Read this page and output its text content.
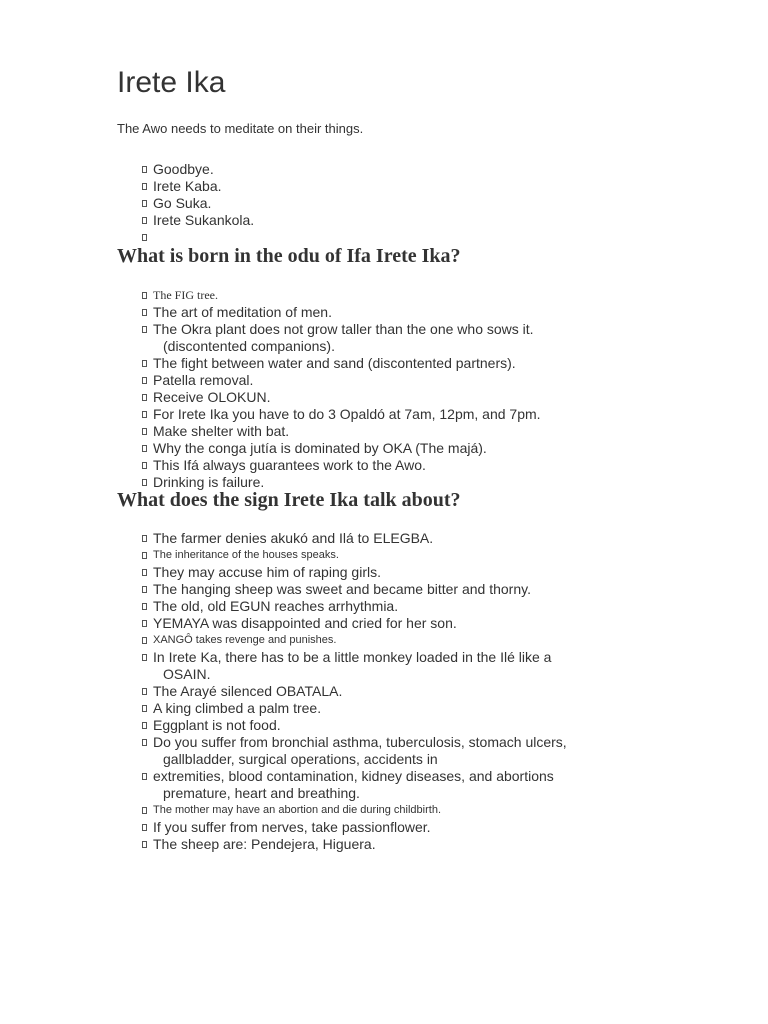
Irete Ika

The Awo needs to meditate on their things.

Goodbye.
Irete Kaba.
Go Suka.
Irete Sukankola.
What is born in the odu of Ifa Irete Ika?
The FIG tree.
The art of meditation of men.
The Okra plant does not grow taller than the one who sows it.
(discontented companions).
The fight between water and sand (discontented partners).
Patella removal.
Receive OLOKUN.
For Irete Ika you have to do 3 Opaldó at 7am, 12pm, and 7pm.
Make shelter with bat.
Why the conga jutía is dominated by OKA (The majá).
This Ifá always guarantees work to the Awo.
Drinking is failure.
What does the sign Irete Ika talk about?
The farmer denies akukó and Ilá to ELEGBA.
The inheritance of the houses speaks.
They may accuse him of raping girls.
The hanging sheep was sweet and became bitter and thorny.
The old, old EGUN reaches arrhythmia.
YEMAYA was disappointed and cried for her son.
XANGÔ takes revenge and punishes.
In Irete Ka, there has to be a little monkey loaded in the Ilé like a
OSAIN.
The Arayé silenced OBATALA.
A king climbed a palm tree.
Eggplant is not food.
Do you suffer from bronchial asthma, tuberculosis, stomach ulcers,
gallbladder, surgical operations, accidents in
extremities, blood contamination, kidney diseases, and abortions
premature, heart and breathing.
The mother may have an abortion and die during childbirth.
If you suffer from nerves, take passionflower.
The sheep are: Pendejera, Higuera.
